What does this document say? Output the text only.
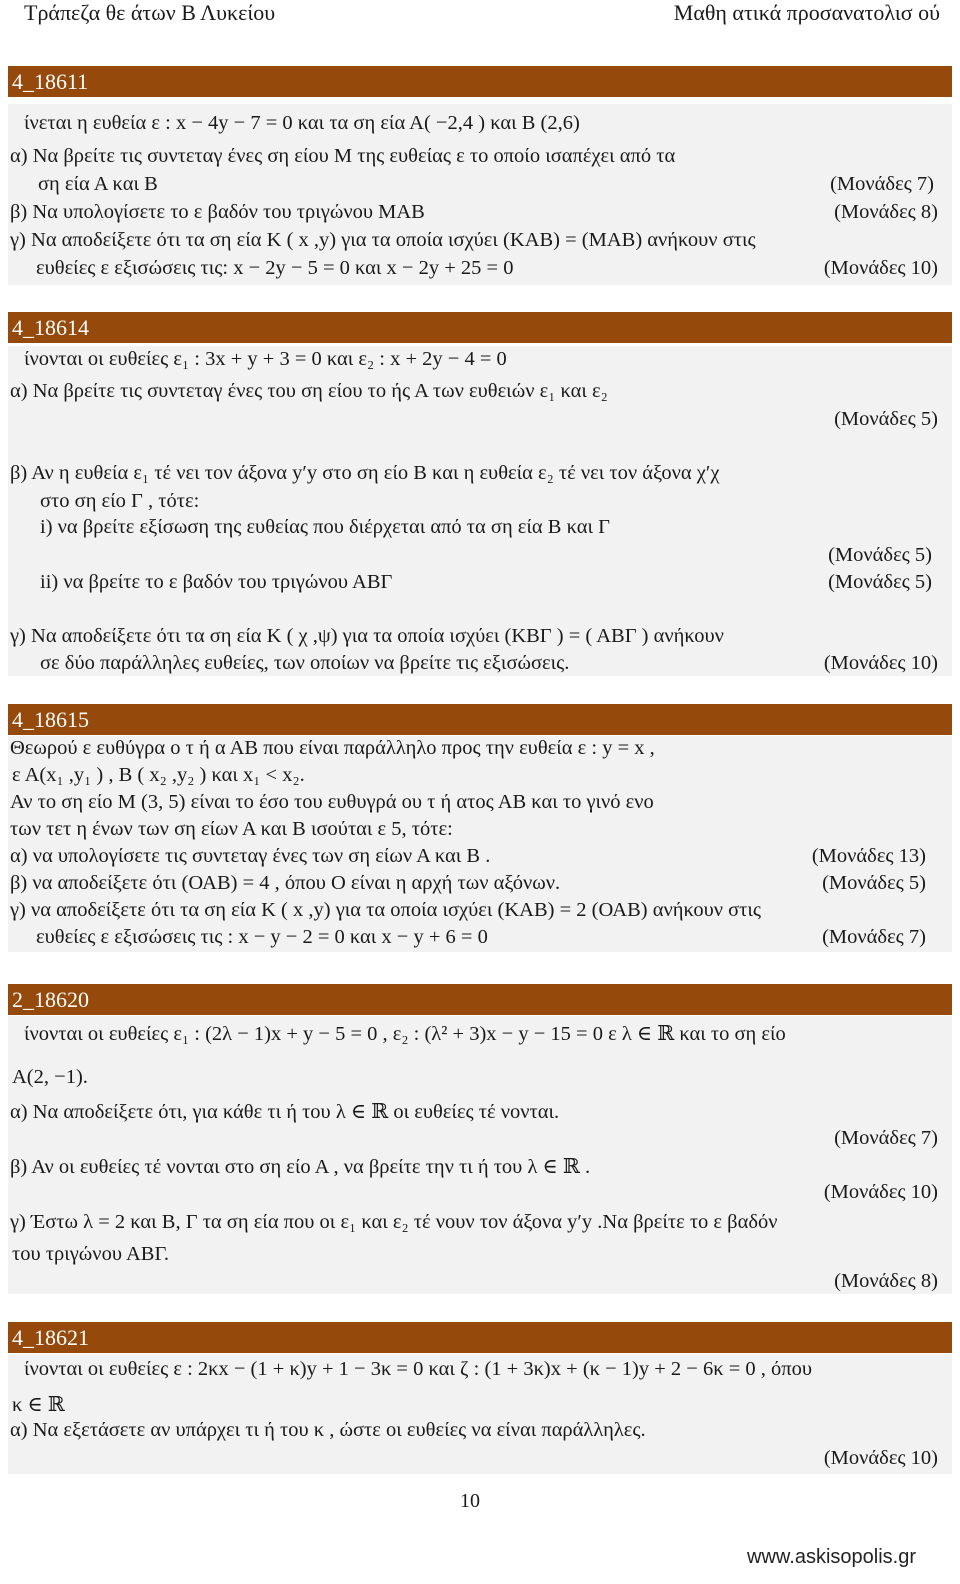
Τράπεζα θε άτων Β Λυκείου	Μαθη ατικά προσανατολισ ού
4_18611
ίνεται η ευθεία ε : x − 4y − 7 = 0 και τα ση εία Α( −2,4 ) και B (2,6)
α) Να βρείτε τις συντεταγ ένες ση είου Μ της ευθείας ε το οποίο ισαπέχει από τα
ση εία Α και Β	(Μονάδες 7)
β) Να υπολογίσετε το ε βαδόν του τριγώνου ΜΑΒ	(Μονάδες 8)
γ) Να αποδείξετε ότι τα ση εία Κ ( x ,y) για τα οποία ισχύει (ΚΑΒ) = (ΜΑΒ) ανήκουν στις
ευθείες ε εξισώσεις τις: x − 2y − 5 = 0 και x − 2y + 25 = 0	(Μονάδες 10)
4_18614
ίνονται οι ευθείες ε₁ : 3x + y + 3 = 0 και ε₂ : x + 2y − 4 = 0
α) Να βρείτε τις συντεταγ ένες του ση είου το ής Α των ευθειών ε₁ και ε₂
(Μονάδες 5)
β) Αν η ευθεία ε₁ τέ νει τον άξονα y′y στο ση είο Β και η ευθεία ε₂ τέ νει τον άξονα χ′χ
στο ση είο Γ , τότε:
i) να βρείτε εξίσωση της ευθείας που διέρχεται από τα ση εία Β και Γ
(Μονάδες 5)
ii) να βρείτε το ε βαδόν του τριγώνου ΑΒΓ	(Μονάδες 5)
γ) Να αποδείξετε ότι τα ση εία Κ ( χ ,ψ) για τα οποία ισχύει (ΚΒΓ ) = ( ΑΒΓ ) ανήκουν
σε δύο παράλληλες ευθείες, των οποίων να βρείτε τις εξισώσεις.	(Μονάδες 10)
4_18615
Θεωρού ε ευθύγρα ο τ ή α ΑΒ που είναι παράλληλο προς την ευθεία ε : y = x ,
ε Α(x₁ ,y₁ ) , Β ( x₂ ,y₂ ) και x₁ < x₂.
Αν το ση είο Μ (3, 5) είναι το έσο του ευθυγρά ου τ ή ατος ΑΒ και το γινό ενο
των τετ η ένων των ση είων Α και Β ισούται ε 5, τότε:
α) να υπολογίσετε τις συντεταγ ένες των ση είων Α και Β .	(Μονάδες 13)
β) να αποδείξετε ότι (ΟΑΒ) = 4 , όπου Ο είναι η αρχή των αξόνων.	(Μονάδες 5)
γ) να αποδείξετε ότι τα ση εία Κ ( x ,y) για τα οποία ισχύει (ΚΑΒ) = 2 (ΟΑΒ) ανήκουν στις
ευθείες ε εξισώσεις τις : x − y − 2 = 0 και x − y + 6 = 0	(Μονάδες 7)
2_18620
ίνονται οι ευθείες ε₁ : (2λ − 1)x + y − 5 = 0 , ε₂ : (λ² + 3)x − y − 15 = 0 ε λ ∈ ℝ και το ση είο
Α(2, −1).
α) Να αποδείξετε ότι, για κάθε τι ή του λ ∈ ℝ οι ευθείες τέ νονται.
(Μονάδες 7)
β) Αν οι ευθείες τέ νονται στο ση είο Α , να βρείτε την τι ή του λ ∈ ℝ .
(Μονάδες 10)
γ) Έστω λ = 2 και Β, Γ τα ση εία που οι ε₁ και ε₂ τέ νουν τον άξονα y′y .Να βρείτε το ε βαδόν
του τριγώνου ΑΒΓ.
(Μονάδες 8)
4_18621
ίνονται οι ευθείες ε : 2κx − (1 + κ)y + 1 − 3κ = 0 και ζ : (1 + 3κ)x + (κ − 1)y + 2 − 6κ = 0 , όπου
κ ∈ ℝ
α) Να εξετάσετε αν υπάρχει τι ή του κ , ώστε οι ευθείες να είναι παράλληλες.
(Μονάδες 10)
10
www.askisopolis.gr
